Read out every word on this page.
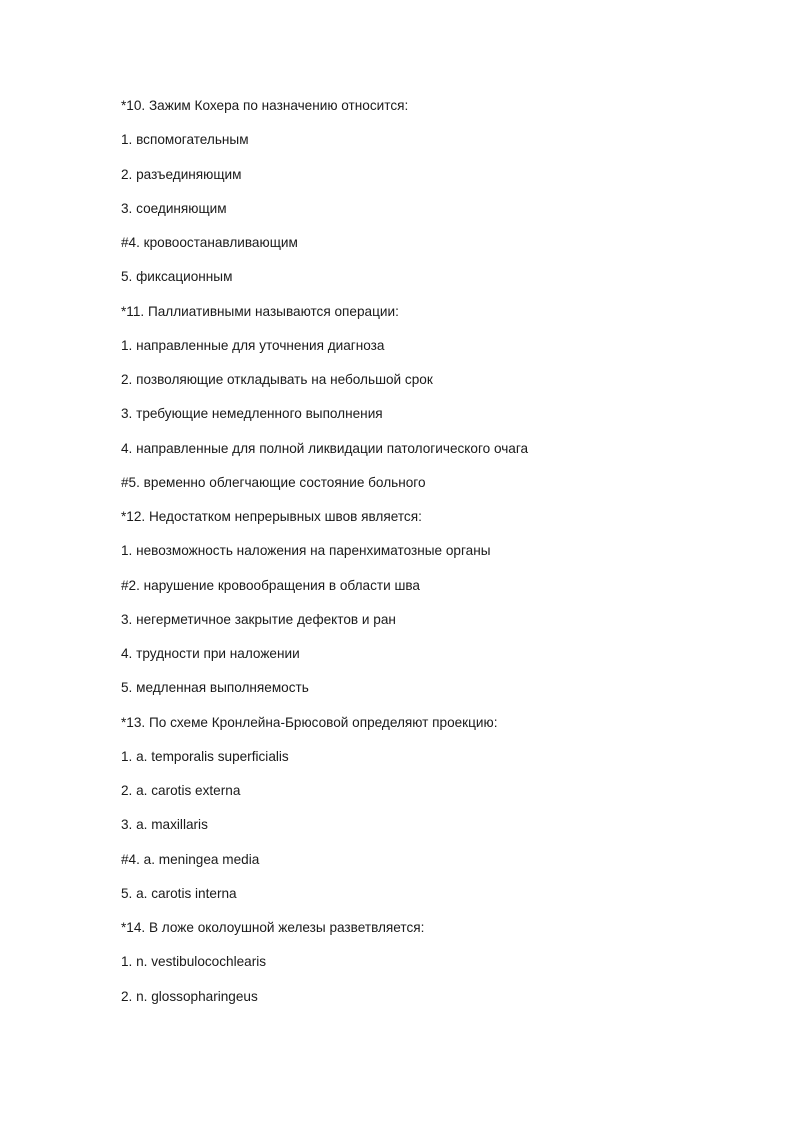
*10. Зажим Кохера по назначению относится:
1. вспомогательным
2. разъединяющим
3. соединяющим
#4. кровоостанавливающим
5. фиксационным
*11. Паллиативными называются операции:
1. направленные для уточнения диагноза
2. позволяющие откладывать на небольшой срок
3. требующие немедленного выполнения
4. направленные для полной ликвидации патологического очага
#5. временно облегчающие состояние больного
*12. Недостатком непрерывных швов является:
1. невозможность наложения на паренхиматозные органы
#2. нарушение кровообращения в области шва
3. негерметичное закрытие дефектов и ран
4. трудности при наложении
5. медленная выполняемость
*13. По схеме Кронлейна-Брюсовой определяют проекцию:
1. a. temporalis superficialis
2. a. carotis externa
3. a. maxillaris
#4. a. meningea media
5. a. carotis interna
*14. В ложе околоушной железы разветвляется:
1. n. vestibulocochlearis
2. n. glossopharingeus
